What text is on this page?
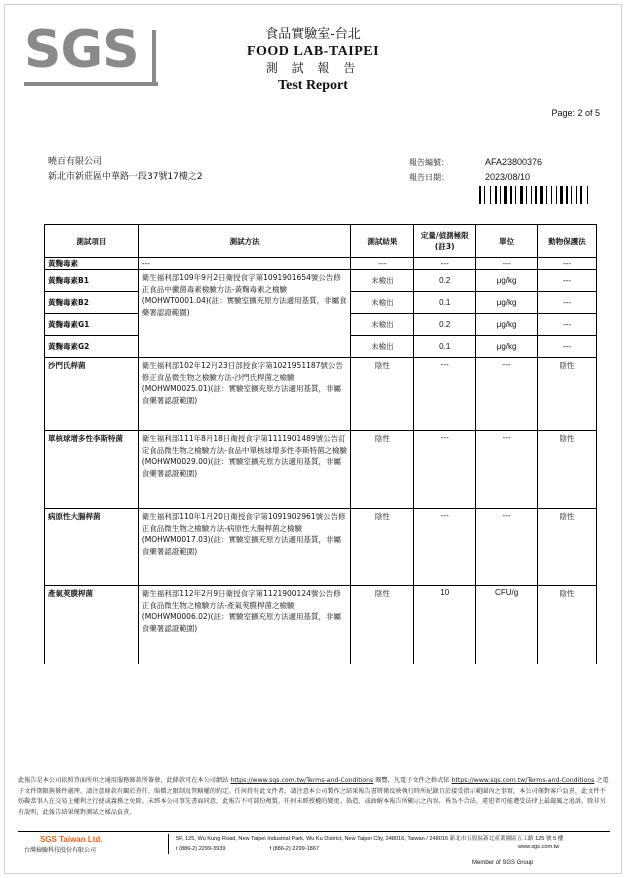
SGS	食品實驗室-台北
FOOD LAB-TAIPEI
測 試 報 告
Test Report
Page: 2 of 5
曉百有限公司
新北市新莊區中華路一段37號17樓之2
報告編號：	AFA23800376
報告日期：	2023/08/10
測試項目	測試方法	測試結果	定量/偵測極限(註3)	單位	動物保護法
黃麴毒素	---	---	---	---	---
黃麴毒素B1	衛生福利部109年9月2日衛授食字第1091901654號公告修正食品中黴菌毒素檢驗方法-黃麴毒素之檢驗(MOHWT0001.04)(註：實驗室擴充原方法適用基質，非屬食藥署認證範圍)	未檢出	0.2	μg/kg	---
黃麴毒素B2		未檢出	0.1	μg/kg	---
黃麴毒素G1		未檢出	0.2	μg/kg	---
黃麴毒素G2		未檢出	0.1	μg/kg	---
沙門氏桿菌	衛生福利部102年12月23日部授食字第1021951187號公告修正食品微生物之檢驗方法-沙門氏桿菌之檢驗(MOHWM0025.01)(註：實驗室擴充原方法適用基質，非屬食藥署認證範圍)	陰性	---	---	陰性
單核球增多性李斯特菌	衛生福利部111年8月18日衛授食字第1111901489號公告訂定食品微生物之檢驗方法-食品中單核球增多性李斯特菌之檢驗(MOHWM0029.00)(註：實驗室擴充原方法適用基質，非屬食藥署認證範圍)	陰性	---	---	陰性
病原性大腸桿菌	衛生福利部110年1月20日衛授食字第1091902961號公告修正食品微生物之檢驗方法-病原性大腸桿菌之檢驗(MOHWM0017.03)(註：實驗室擴充原方法適用基質，非屬食藥署認證範圍)	陰性	---	---	陰性
產氣莢膜桿菌	衛生福利部112年2月9日衛授食字第1121900124號公告修正食品微生物之檢驗方法-產氣莢膜桿菌之檢驗(MOHWM0006.02)(註：實驗室擴充原方法適用基質，非屬食藥署認證範圍)	陰性	10	CFU/g	陰性
此報告是本公司依照背面所印之通用服務條款所簽發，此條款可在本公司網站 https://www.sgs.com.tw/Terms-and-Conditions 閱覽，凡電子文件之格式依 https://www.sgs.com.tw/Terms-and-Conditions 之電子文件期限與條件處理。請注意條款有關於責任、賠償之限制及管轄權的約定。任何持有此文件者，請注意本公司製作之結果報告書將僅反映執行時所紀錄且於接受指示範圍內之事實。本公司僅對客戶負責，此文件不妨礙當事人在交易上權利之行使或義務之免除。未經本公司事先書面同意，此報告不可部份複製。任何未經授權的變更、偽造、或曲解本報告所顯示之內容，皆為不合法，違犯者可能遭受法律上最嚴厲之追訴。除非另有說明，此報告結果僅對測試之樣品負責。
SGS Taiwan Ltd.
台灣檢驗科技股份有限公司
5F, 125, Wu Kung Road, New Taipei Industrial Park, Wu Ku District, New Taipei City, 248016, Taiwan / 248016 新北市五股區新北產業園區五工路 125 號 5 樓
t (886-2) 2299-3939	f (886-2) 2299-1867	www.sgs.com.tw
Member of SGS Group
